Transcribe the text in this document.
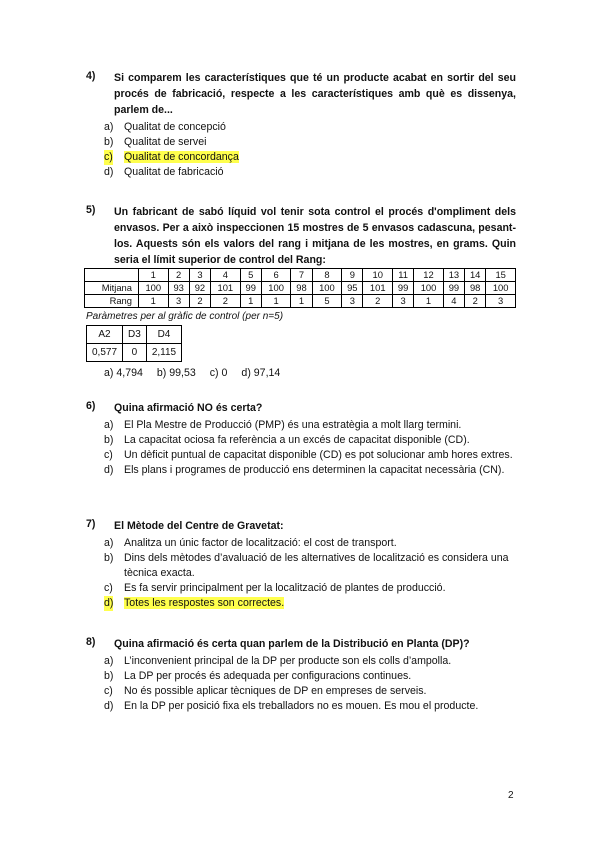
4) Si comparem les característiques que té un producte acabat en sortir del seu procés de fabricació, respecte a les característiques amb què es dissenya, parlem de...
a) Qualitat de concepció
b) Qualitat de servei
c) Qualitat de concordança
d) Qualitat de fabricació
5) Un fabricant de sabó líquid vol tenir sota control el procés d'ompliment dels envasos. Per a això inspeccionen 15 mostres de 5 envasos cadascuna, pesant-los. Aquests són els valors del rang i mitjana de les mostres, en grams. Quin seria el límit superior de control del Rang:
	1	2	3	4	5	6	7	8	9	10	11	12	13	14	15
Mitjana	100	93	92	101	99	100	98	100	95	101	99	100	99	98	100
Rang	1	3	2	2	1	1	1	5	3	2	3	1	4	2	3
Paràmetres per al gràfic de control (per n=5)
A2	D3	D4
0,577	0	2,115
a) 4,794 b) 99,53 c) 0 d) 97,14
6) Quina afirmació NO és certa?
a) El Pla Mestre de Producció (PMP) és una estratègia a molt llarg termini.
b) La capacitat ociosa fa referència a un excés de capacitat disponible (CD).
c) Un dèficit puntual de capacitat disponible (CD) es pot solucionar amb hores extres.
d) Els plans i programes de producció ens determinen la capacitat necessària (CN).
7) El Mètode del Centre de Gravetat:
a) Analitza un únic factor de localització: el cost de transport.
b) Dins dels mètodes d’avaluació de les alternatives de localització es considera una tècnica exacta.
c) Es fa servir principalment per la localització de plantes de producció.
d) Totes les respostes son correctes.
8) Quina afirmació és certa quan parlem de la Distribució en Planta (DP)?
a) L’inconvenient principal de la DP per producte son els colls d’ampolla.
b) La DP per procés és adequada per configuracions continues.
c) No és possible aplicar tècniques de DP en empreses de serveis.
d) En la DP per posició fixa els treballadors no es mouen. Es mou el producte.
2
